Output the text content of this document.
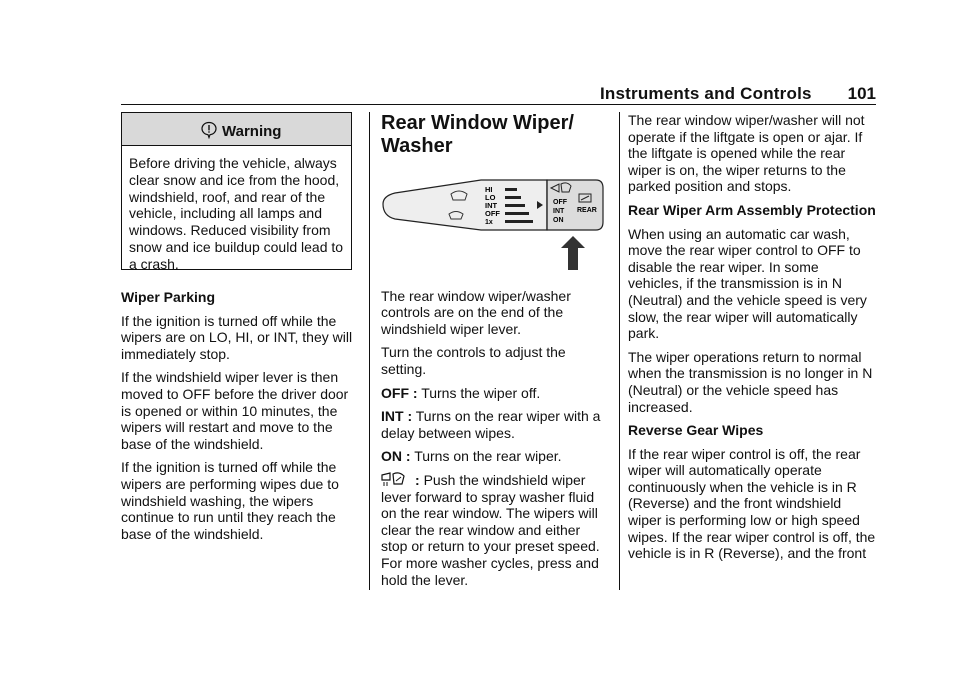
Instruments and Controls 101
Warning
Before driving the vehicle, always clear snow and ice from the hood, windshield, roof, and rear of the vehicle, including all lamps and windows. Reduced visibility from snow and ice buildup could lead to a crash.

Wiper Parking

If the ignition is turned off while the wipers are on LO, HI, or INT, they will immediately stop.

If the windshield wiper lever is then moved to OFF before the driver door is opened or within 10 minutes, the wipers will restart and move to the base of the windshield.

If the ignition is turned off while the wipers are performing wipes due to windshield washing, the wipers continue to run until they reach the base of the windshield.

Rear Window Wiper/ Washer
HI
LO
INT
OFF
1x
OFF
INT
ON
REAR

The rear window wiper/washer controls are on the end of the windshield wiper lever.

Turn the controls to adjust the setting.

OFF : Turns the wiper off.

INT : Turns on the rear wiper with a delay between wipes.

ON : Turns on the rear wiper.

: Push the windshield wiper lever forward to spray washer fluid on the rear window. The wipers will clear the rear window and either stop or return to your preset speed. For more washer cycles, press and hold the lever.

The rear window wiper/washer will not operate if the liftgate is open or ajar. If the liftgate is opened while the rear wiper is on, the wiper returns to the parked position and stops.

Rear Wiper Arm Assembly Protection

When using an automatic car wash, move the rear wiper control to OFF to disable the rear wiper. In some vehicles, if the transmission is in N (Neutral) and the vehicle speed is very slow, the rear wiper will automatically park.

The wiper operations return to normal when the transmission is no longer in N (Neutral) or the vehicle speed has increased.

Reverse Gear Wipes

If the rear wiper control is off, the rear wiper will automatically operate continuously when the vehicle is in R (Reverse) and the front windshield wiper is performing low or high speed wipes. If the rear wiper control is off, the vehicle is in R (Reverse), and the front
